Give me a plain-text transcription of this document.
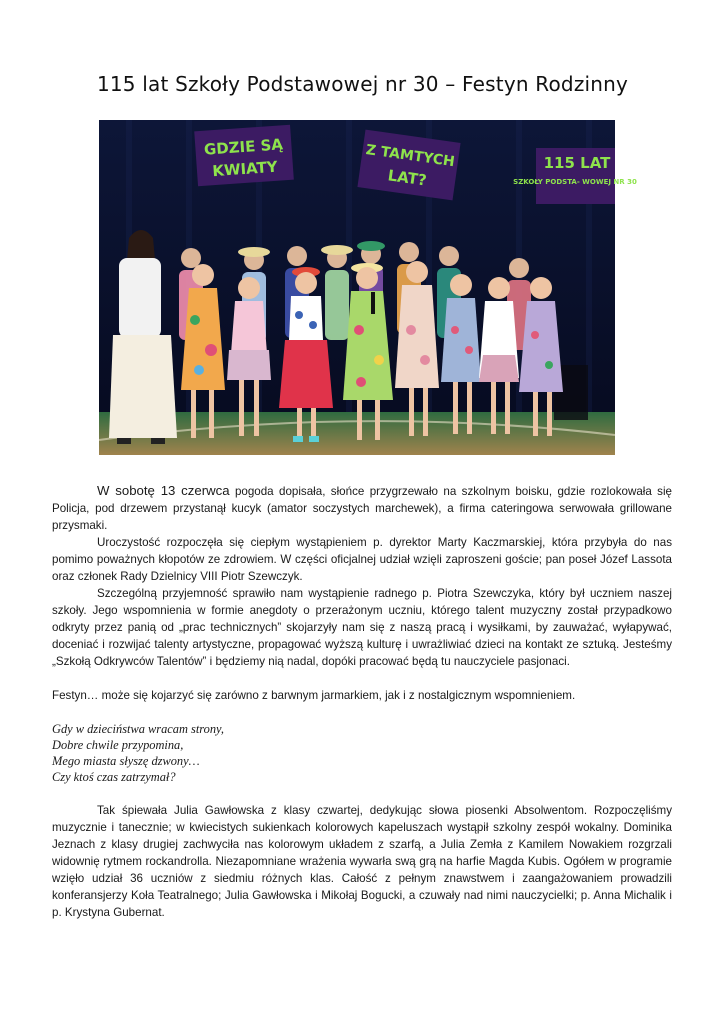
115 lat Szkoły Podstawowej nr 30 – Festyn Rodzinny
GDZIE SĄ
KWIATY	Z TAMTYCH
LAT?
115 LAT
SZKOŁY PODSTA- WOWEJ NR 30

W sobotę 13 czerwca pogoda dopisała, słońce przygrzewało na szkolnym boisku, gdzie rozlokowała się Policja, pod drzewem przystanął kucyk (amator soczystych marchewek), a firma cateringowa serwowała grillowane przysmaki.

Uroczystość rozpoczęła się ciepłym wystąpieniem p. dyrektor Marty Kaczmarskiej, która przybyła do nas pomimo poważnych kłopotów ze zdrowiem. W części oficjalnej udział wzięli zaproszeni goście; pan poseł Józef Lassota oraz członek Rady Dzielnicy VIII Piotr Szewczyk.

Szczególną przyjemność sprawiło nam wystąpienie radnego p. Piotra Szewczyka, który był uczniem naszej szkoły. Jego wspomnienia w formie anegdoty o przerażonym uczniu, którego talent muzyczny został przypadkowo odkryty przez panią od „prac technicznych” skojarzyły nam się z naszą pracą i wysiłkami, by zauważać, wyłapywać, doceniać i rozwijać talenty artystyczne, propagować wyższą kulturę i uwrażliwiać dzieci na kontakt ze sztuką. Jesteśmy „Szkołą Odkrywców Talentów” i będziemy nią nadal, dopóki pracować będą tu nauczyciele pasjonaci.

Festyn… może się kojarzyć się zarówno z barwnym jarmarkiem, jak i z nostalgicznym wspomnieniem.

Gdy w dzieciństwa wracam strony,

Dobre chwile przypomina,

Mego miasta słyszę dzwony…

Czy ktoś czas zatrzymał?

Tak śpiewała Julia Gawłowska z klasy czwartej, dedykując słowa piosenki Absolwentom. Rozpoczęliśmy muzycznie i tanecznie; w kwiecistych sukienkach kolorowych kapeluszach wystąpił szkolny zespół wokalny. Dominika Jeznach z klasy drugiej zachwyciła nas kolorowym układem z szarfą, a Julia Zemła z Kamilem Nowakiem rozgrzali widownię rytmem rockandrolla. Niezapomniane wrażenia wywarła swą grą na harfie Magda Kubis. Ogółem w programie wzięło udział 36 uczniów z siedmiu różnych klas. Całość z pełnym znawstwem i zaangażowaniem prowadzili konferansjerzy Koła Teatralnego; Julia Gawłowska i Mikołaj Bogucki, a czuwały nad nimi nauczycielki; p. Anna Michalik i p. Krystyna Gubernat.
